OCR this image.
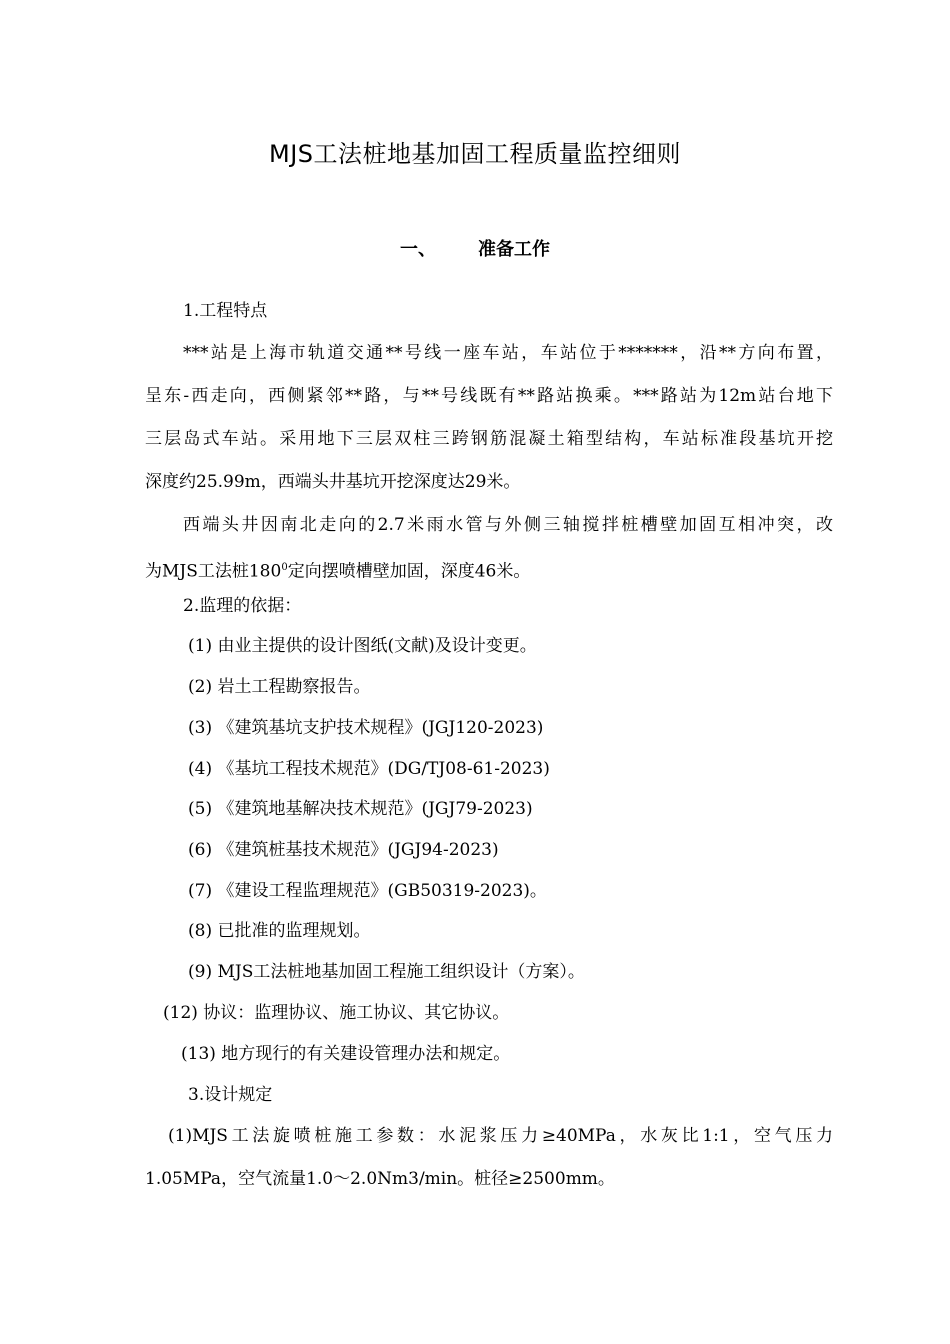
MJS工法桩地基加固工程质量监控细则
一、 准备工作
1.工程特点
***站是上海市轨道交通**号线一座车站，车站位于*******，沿**方向布置，
呈东-西走向，西侧紧邻**路，与**号线既有**路站换乘。***路站为12m站台地下
三层岛式车站。采用地下三层双柱三跨钢筋混凝土箱型结构，车站标准段基坑开挖
深度约25.99m，西端头井基坑开挖深度达29米。
西端头井因南北走向的2.7米雨水管与外侧三轴搅拌桩槽壁加固互相冲突，改
为MJS工法桩$180^0$定向摆喷槽壁加固，深度46米。
2.监理的依据：
(1) 由业主提供的设计图纸(文献)及设计变更。
(2) 岩土工程勘察报告。
(3) 《建筑基坑支护技术规程》(JGJ120-2023)
(4) 《基坑工程技术规范》(DG/TJ08-61-2023)
(5) 《建筑地基解决技术规范》(JGJ79-2023)
(6) 《建筑桩基技术规范》(JGJ94-2023)
(7) 《建设工程监理规范》(GB50319-2023)。
(8) 已批准的监理规划。
(9) MJS工法桩地基加固工程施工组织设计（方案）。
(12) 协议：监理协议、施工协议、其它协议。
(13) 地方现行的有关建设管理办法和规定。
3.设计规定
(1)MJS工法旋喷桩施工参数：水泥浆压力≥40MPa，水灰比1:1，空气压力
1.05MPa，空气流量1.0～2.0Nm3/min。桩径≥2500mm。
